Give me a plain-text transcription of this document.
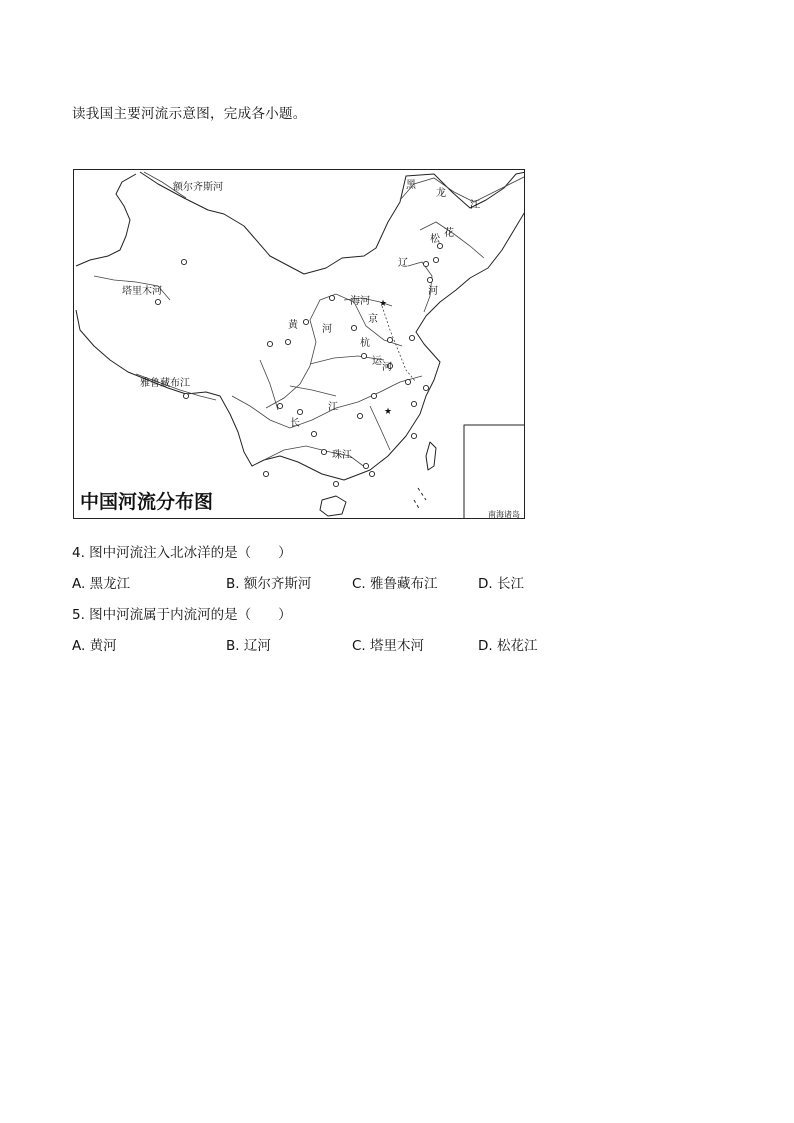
读我国主要河流示意图，完成各小题。
★
★
额尔齐斯河
塔里木河
雅鲁藏布江
黑
龙
江
花
松
辽
河
海河
京
杭
运
河
黄 河
长
江
珠江
中国河流分布图
南海诸岛
4. 图中河流注入北冰洋的是（　　）
A. 黑龙江	B. 额尔齐斯河	C. 雅鲁藏布江	D. 长江
5. 图中河流属于内流河的是（　　）
A. 黄河	B. 辽河	C. 塔里木河	D. 松花江
